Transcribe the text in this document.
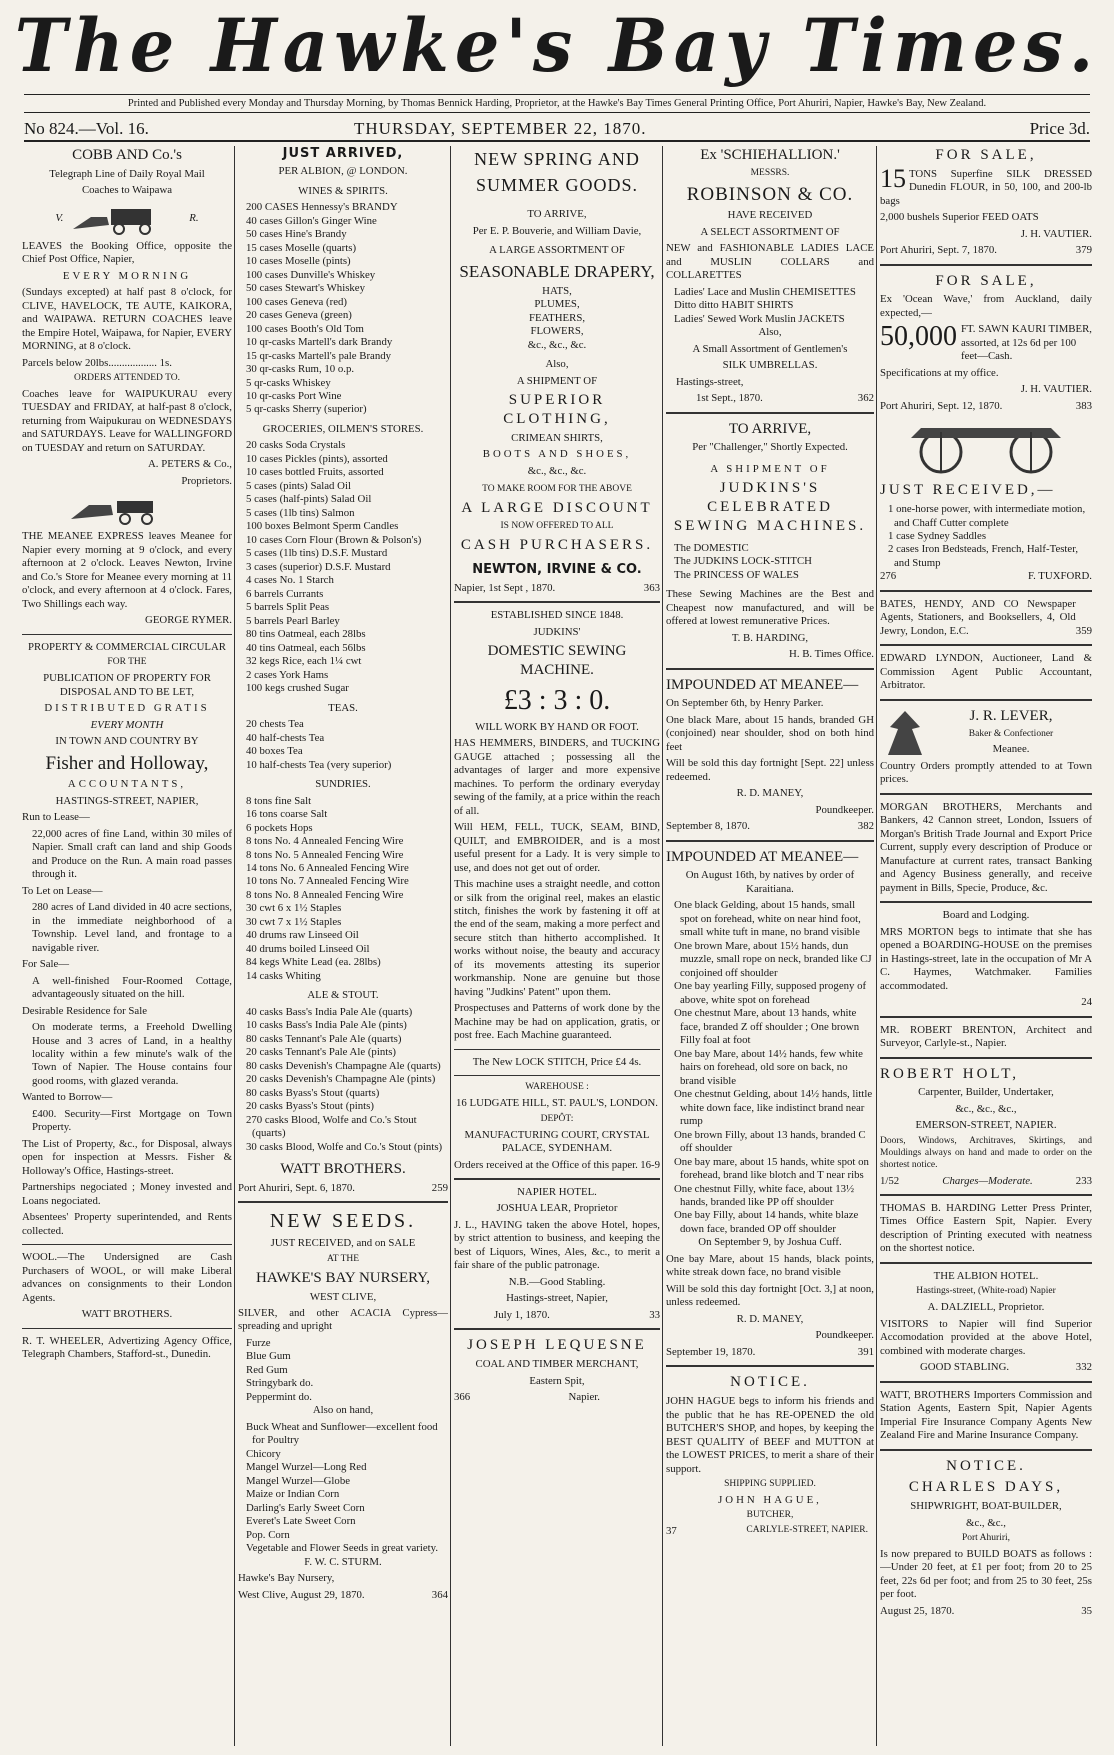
The Hawke's Bay Times.
Printed and Published every Monday and Thursday Morning, by Thomas Bennick Harding, Proprietor, at the Hawke's Bay Times General Printing Office, Port Ahuriri, Napier, Hawke's Bay, New Zealand.
No 824.—Vol. 16.	THURSDAY, SEPTEMBER 22, 1870.	Price 3d.

COBB AND Co.'s

Telegraph Line of Daily Royal Mail

Coaches to Waipawa

V.	R.

LEAVES the Booking Office, opposite the Chief Post Office, Napier,

EVERY MORNING

(Sundays excepted) at half past 8 o'clock, for CLIVE, HAVELOCK, TE AUTE, KAIKORA, and WAIPAWA. RETURN COACHES leave the Empire Hotel, Waipawa, for Napier, EVERY MORNING, at 8 o'clock.

Parcels below 20lbs.................. 1s.

ORDERS ATTENDED TO.

Coaches leave for WAIPUKURAU every TUESDAY and FRIDAY, at half-past 8 o'clock, returning from Waipukurau on WEDNESDAYS and SATURDAYS. Leave for WALLINGFORD on TUESDAY and return on SATURDAY.

A. PETERS & Co.,

Proprietors.

THE MEANEE EXPRESS leaves Meanee for Napier every morning at 9 o'clock, and every afternoon at 2 o'clock. Leaves Newton, Irvine and Co.'s Store for Meanee every morning at 11 o'clock, and every afternoon at 4 o'clock. Fares, Two Shillings each way.

GEORGE RYMER.

PROPERTY & COMMERCIAL CIRCULAR

FOR THE

PUBLICATION OF PROPERTY FOR DISPOSAL AND TO BE LET,

DISTRIBUTED GRATIS

EVERY MONTH

IN TOWN AND COUNTRY BY

Fisher and Holloway,

ACCOUNTANTS,

HASTINGS-STREET, NAPIER,

Run to Lease—

22,000 acres of fine Land, within 30 miles of Napier. Small craft can land and ship Goods and Produce on the Run. A main road passes through it.

To Let on Lease—

280 acres of Land divided in 40 acre sections, in the immediate neighborhood of a Township. Level land, and frontage to a navigable river.

For Sale—

A well-finished Four-Roomed Cottage, advantageously situated on the hill.

Desirable Residence for Sale

On moderate terms, a Freehold Dwelling House and 3 acres of Land, in a healthy locality within a few minute's walk of the Town of Napier. The House contains four good rooms, with glazed veranda.

Wanted to Borrow—

£400. Security—First Mortgage on Town Property.

The List of Property, &c., for Disposal, always open for inspection at Messrs. Fisher & Holloway's Office, Hastings-street.

Partnerships negociated ; Money invested and Loans negociated.

Absentees' Property superintended, and Rents collected.

WOOL.—The Undersigned are Cash Purchasers of WOOL, or will make Liberal advances on consignments to their London Agents.

WATT BROTHERS.

R. T. WHEELER, Advertizing Agency Office, Telegraph Chambers, Stafford-st., Dunedin.

JUST ARRIVED,

PER ALBION, @ LONDON.

WINES & SPIRITS.

200 CASES Hennessy's BRANDY
40 cases Gillon's Ginger Wine
50 cases Hine's Brandy
15 cases Moselle (quarts)
10 cases Moselle (pints)
100 cases Dunville's Whiskey
50 cases Stewart's Whiskey
100 cases Geneva (red)
20 cases Geneva (green)
100 cases Booth's Old Tom
10 qr-casks Martell's dark Brandy
15 qr-casks Martell's pale Brandy
30 qr-casks Rum, 10 o.p.
5 qr-casks Whiskey
10 qr-casks Port Wine
5 qr-casks Sherry (superior)

GROCERIES, OILMEN'S STORES.

20 casks Soda Crystals
10 cases Pickles (pints), assorted
10 cases bottled Fruits, assorted
5 cases (pints) Salad Oil
5 cases (half-pints) Salad Oil
5 cases (1lb tins) Salmon
100 boxes Belmont Sperm Candles
10 cases Corn Flour (Brown & Polson's)
5 cases (1lb tins) D.S.F. Mustard
3 cases (superior) D.S.F. Mustard
4 cases No. 1 Starch
6 barrels Currants
5 barrels Split Peas
5 barrels Pearl Barley
80 tins Oatmeal, each 28lbs
40 tins Oatmeal, each 56lbs
32 kegs Rice, each 1¼ cwt
2 cases York Hams
100 kegs crushed Sugar

TEAS.

20 chests Tea
40 half-chests Tea
40 boxes Tea
10 half-chests Tea (very superior)

SUNDRIES.

8 tons fine Salt
16 tons coarse Salt
6 pockets Hops
8 tons No. 4 Annealed Fencing Wire
8 tons No. 5 Annealed Fencing Wire
14 tons No. 6 Annealed Fencing Wire
10 tons No. 7 Annealed Fencing Wire
8 tons No. 8 Annealed Fencing Wire
30 cwt 6 x 1½ Staples
30 cwt 7 x 1½ Staples
40 drums raw Linseed Oil
40 drums boiled Linseed Oil
84 kegs White Lead (ea. 28lbs)
14 casks Whiting

ALE & STOUT.

40 casks Bass's India Pale Ale (quarts)
10 casks Bass's India Pale Ale (pints)
80 casks Tennant's Pale Ale (quarts)
20 casks Tennant's Pale Ale (pints)
80 casks Devenish's Champagne Ale (quarts)
20 casks Devenish's Champagne Ale (pints)
80 casks Byass's Stout (quarts)
20 casks Byass's Stout (pints)
270 casks Blood, Wolfe and Co.'s Stout (quarts)
30 casks Blood, Wolfe and Co.'s Stout (pints)

WATT BROTHERS.

Port Ahuriri, Sept. 6, 1870.	259

NEW SEEDS.

JUST RECEIVED, and on SALE

AT THE

HAWKE'S BAY NURSERY,

WEST CLIVE,

SILVER, and other ACACIA Cypress—spreading and upright

Furze
Blue Gum
Red Gum
Stringybark do.
Peppermint do.

Also on hand,

Buck Wheat and Sunflower—excellent food for Poultry
Chicory
Mangel Wurzel—Long Red
Mangel Wurzel—Globe
Maize or Indian Corn
Darling's Early Sweet Corn
Everet's Late Sweet Corn
Pop. Corn
Vegetable and Flower Seeds in great variety.

F. W. C. STURM.

Hawke's Bay Nursery,

West Clive, August 29, 1870.	364

NEW SPRING AND SUMMER GOODS.

TO ARRIVE,

Per E. P. Bouverie, and William Davie,

A LARGE ASSORTMENT OF

SEASONABLE DRAPERY,

HATS,
PLUMES,
FEATHERS,
FLOWERS,

&c., &c., &c.

Also,

A SHIPMENT OF

SUPERIOR CLOTHING,

CRIMEAN SHIRTS,

BOOTS AND SHOES,

&c., &c., &c.

TO MAKE ROOM FOR THE ABOVE

A LARGE DISCOUNT

IS NOW OFFERED TO ALL

CASH PURCHASERS.

NEWTON, IRVINE & CO.

Napier, 1st Sept , 1870.	363

ESTABLISHED SINCE 1848.

JUDKINS'

DOMESTIC SEWING MACHINE.

£3 : 3 : 0.

WILL WORK BY HAND OR FOOT.

HAS HEMMERS, BINDERS, and TUCKING GAUGE attached ; possessing all the advantages of larger and more expensive machines. To perform the ordinary everyday sewing of the family, at a price within the reach of all.

Will HEM, FELL, TUCK, SEAM, BIND, QUILT, and EMBROIDER, and is a most useful present for a Lady. It is very simple to use, and does not get out of order.

This machine uses a straight needle, and cotton or silk from the original reel, makes an elastic stitch, finishes the work by fastening it off at the end of the seam, making a more perfect and secure stitch than hitherto accomplished. It works without noise, the beauty and accuracy of its movements attesting its superior workmanship. None are genuine but those having "Judkins' Patent" upon them.

Prospectuses and Patterns of work done by the Machine may be had on application, gratis, or post free. Each Machine guaranteed.

The New LOCK STITCH, Price £4 4s.

WAREHOUSE :

16 LUDGATE HILL, ST. PAUL'S, LONDON.

DEPÔT:

MANUFACTURING COURT, CRYSTAL PALACE, SYDENHAM.

Orders received at the Office of this paper. 16-9

NAPIER HOTEL.

JOSHUA LEAR, Proprietor

J. L., HAVING taken the above Hotel, hopes, by strict attention to business, and keeping the best of Liquors, Wines, Ales, &c., to merit a fair share of the public patronage.

N.B.—Good Stabling.

Hastings-street, Napier,

July 1, 1870.	33

JOSEPH LEQUESNE

COAL AND TIMBER MERCHANT,

Eastern Spit,

366	Napier.

Ex 'SCHIEHALLION.'

MESSRS.

ROBINSON & CO.

HAVE RECEIVED

A SELECT ASSORTMENT OF

NEW and FASHIONABLE LADIES LACE and MUSLIN COLLARS and COLLARETTES

Ladies' Lace and Muslin CHEMISETTES
Ditto ditto HABIT SHIRTS
Ladies' Sewed Work Muslin JACKETS

Also,

A Small Assortment of Gentlemen's

SILK UMBRELLAS.

Hastings-street,

1st Sept., 1870.	362

TO ARRIVE,

Per "Challenger," Shortly Expected.

A SHIPMENT OF

JUDKINS'S CELEBRATED SEWING MACHINES.

The DOMESTIC
The JUDKINS LOCK-STITCH
The PRINCESS OF WALES

These Sewing Machines are the Best and Cheapest now manufactured, and will be offered at lowest remunerative Prices.

T. B. HARDING,

H. B. Times Office.

IMPOUNDED AT MEANEE—

On September 6th, by Henry Parker.

One black Mare, about 15 hands, branded GH (conjoined) near shoulder, shod on both hind feet

Will be sold this day fortnight [Sept. 22] unless redeemed.

R. D. MANEY,

Poundkeeper.

September 8, 1870.	382

IMPOUNDED AT MEANEE—

On August 16th, by natives by order of Karaitiana.

One black Gelding, about 15 hands, small spot on forehead, white on near hind foot, small white tuft in mane, no brand visible
One brown Mare, about 15½ hands, dun muzzle, small rope on neck, branded like CJ conjoined off shoulder
One bay yearling Filly, supposed progeny of above, white spot on forehead
One chestnut Mare, about 13 hands, white face, branded Z off shoulder ; One brown Filly foal at foot
One bay Mare, about 14½ hands, few white hairs on forehead, old sore on back, no brand visible
One chestnut Gelding, about 14½ hands, little white down face, like indistinct brand near rump
One brown Filly, about 13 hands, branded C off shoulder
One bay mare, about 15 hands, white spot on forehead, brand like blotch and T near ribs
One chestnut Filly, white face, about 13½ hands, branded like PP off shoulder
One bay Filly, about 14 hands, white blaze down face, branded OP off shoulder

On September 9, by Joshua Cuff.

One bay Mare, about 15 hands, black points, white streak down face, no brand visible

Will be sold this day fortnight [Oct. 3,] at noon, unless redeemed.

R. D. MANEY,

Poundkeeper.

September 19, 1870.	391

NOTICE.

JOHN HAGUE begs to inform his friends and the public that he has RE-OPENED the old BUTCHER'S SHOP, and hopes, by keeping the BEST QUALITY of BEEF and MUTTON at the LOWEST PRICES, to merit a share of their support.

SHIPPING SUPPLIED.

JOHN HAGUE,

BUTCHER,

37	CARLYLE-STREET, NAPIER.

FOR SALE,

15 TONS Superfine SILK DRESSED Dunedin FLOUR, in 50, 100, and 200-lb bags

2,000 bushels Superior FEED OATS

J. H. VAUTIER.

Port Ahuriri, Sept. 7, 1870.	379

FOR SALE,

Ex 'Ocean Wave,' from Auckland, daily expected,—

50,000 FT. SAWN KAURI TIMBER, assorted, at 12s 6d per 100 feet—Cash.

Specifications at my office.

J. H. VAUTIER.

Port Ahuriri, Sept. 12, 1870.	383

JUST RECEIVED,—

1 one-horse power, with intermediate motion, and Chaff Cutter complete
1 case Sydney Saddles
2 cases Iron Bedsteads, French, Half-Tester, and Stump
276	F. TUXFORD.
BATES, HENDY, AND CO Newspaper Agents, Stationers, and Booksellers, 4, Old Jewry, London, E.C.	359

EDWARD LYNDON, Auctioneer, Land & Commission Agent Public Accountant, Arbitrator.

J. R. LEVER,

Baker & Confectioner

Meanee.

Country Orders promptly attended to at Town prices.

MORGAN BROTHERS, Merchants and Bankers, 42 Cannon street, London, Issuers of Morgan's British Trade Journal and Export Price Current, supply every description of Produce or Manufacture at current rates, transact Banking and Agency Business generally, and receive payment in Bills, Specie, Produce, &c.

Board and Lodging.

MRS MORTON begs to intimate that she has opened a BOARDING-HOUSE on the premises in Hastings-street, late in the occupation of Mr A C. Haymes, Watchmaker. Families accommodated.

24

MR. ROBERT BRENTON, Architect and Surveyor, Carlyle-st., Napier.

ROBERT HOLT,

Carpenter, Builder, Undertaker,

&c., &c., &c.,

EMERSON-STREET, NAPIER.

Doors, Windows, Architraves, Skirtings, and Mouldings always on hand and made to order on the shortest notice.

1/52	Charges—Moderate.	233

THOMAS B. HARDING Letter Press Printer, Times Office Eastern Spit, Napier. Every description of Printing executed with neatness on the shortest notice.

THE ALBION HOTEL.

Hastings-street, (White-road) Napier

A. DALZIELL, Proprietor.

VISITORS to Napier will find Superior Accomodation provided at the above Hotel, combined with moderate charges.

GOOD STABLING.	332

WATT, BROTHERS Importers Commission and Station Agents, Eastern Spit, Napier Agents Imperial Fire Insurance Company Agents New Zealand Fire and Marine Insurance Company.

NOTICE.

CHARLES DAYS,

SHIPWRIGHT, BOAT-BUILDER,

&c., &c.,

Port Ahuriri,

Is now prepared to BUILD BOATS as follows :—Under 20 feet, at £1 per foot; from 20 to 25 feet, 22s 6d per foot; and from 25 to 30 feet, 25s per foot.

August 25, 1870.	35
